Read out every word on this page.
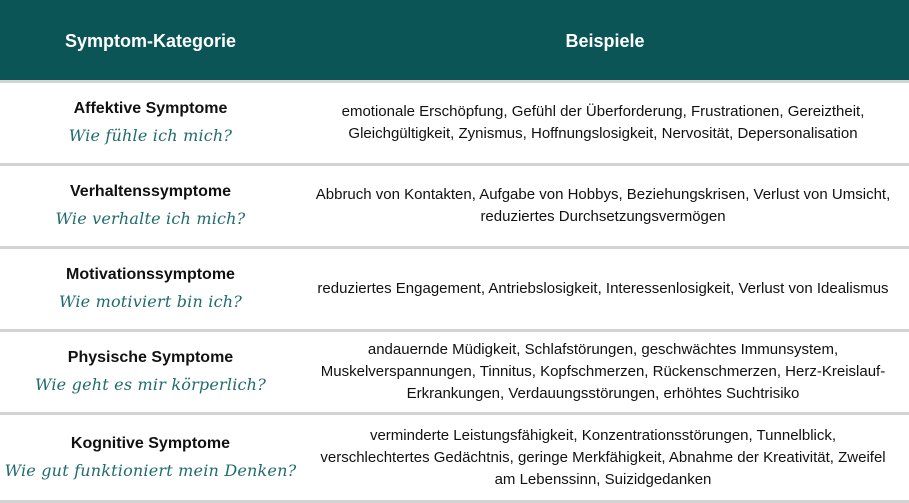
Symptom-Kategorie	Beispiele
Affektive Symptome
Wie fühle ich mich?
emotionale Erschöpfung, Gefühl der Überforderung, Frustrationen, Gereiztheit, Gleichgültigkeit, Zynismus, Hoffnungslosigkeit, Nervosität, Depersonalisation
Verhaltenssymptome
Wie verhalte ich mich?
Abbruch von Kontakten, Aufgabe von Hobbys, Beziehungskrisen, Verlust von Umsicht, reduziertes Durchsetzungsvermögen
Motivationssymptome
Wie motiviert bin ich?
reduziertes Engagement, Antriebslosigkeit, Interessenlosigkeit, Verlust von Idealismus
Physische Symptome
Wie geht es mir körperlich?
andauernde Müdigkeit, Schlafstörungen, geschwächtes Immunsystem, Muskelverspannungen, Tinnitus, Kopfschmerzen, Rückenschmerzen, Herz-Kreislauf-Erkrankungen, Verdauungsstörungen, erhöhtes Suchtrisiko
Kognitive Symptome
Wie gut funktioniert mein Denken?
verminderte Leistungsfähigkeit, Konzentrationsstörungen, Tunnelblick, verschlechtertes Gedächtnis, geringe Merkfähigkeit, Abnahme der Kreativität, Zweifel am Lebenssinn, Suizidgedanken
